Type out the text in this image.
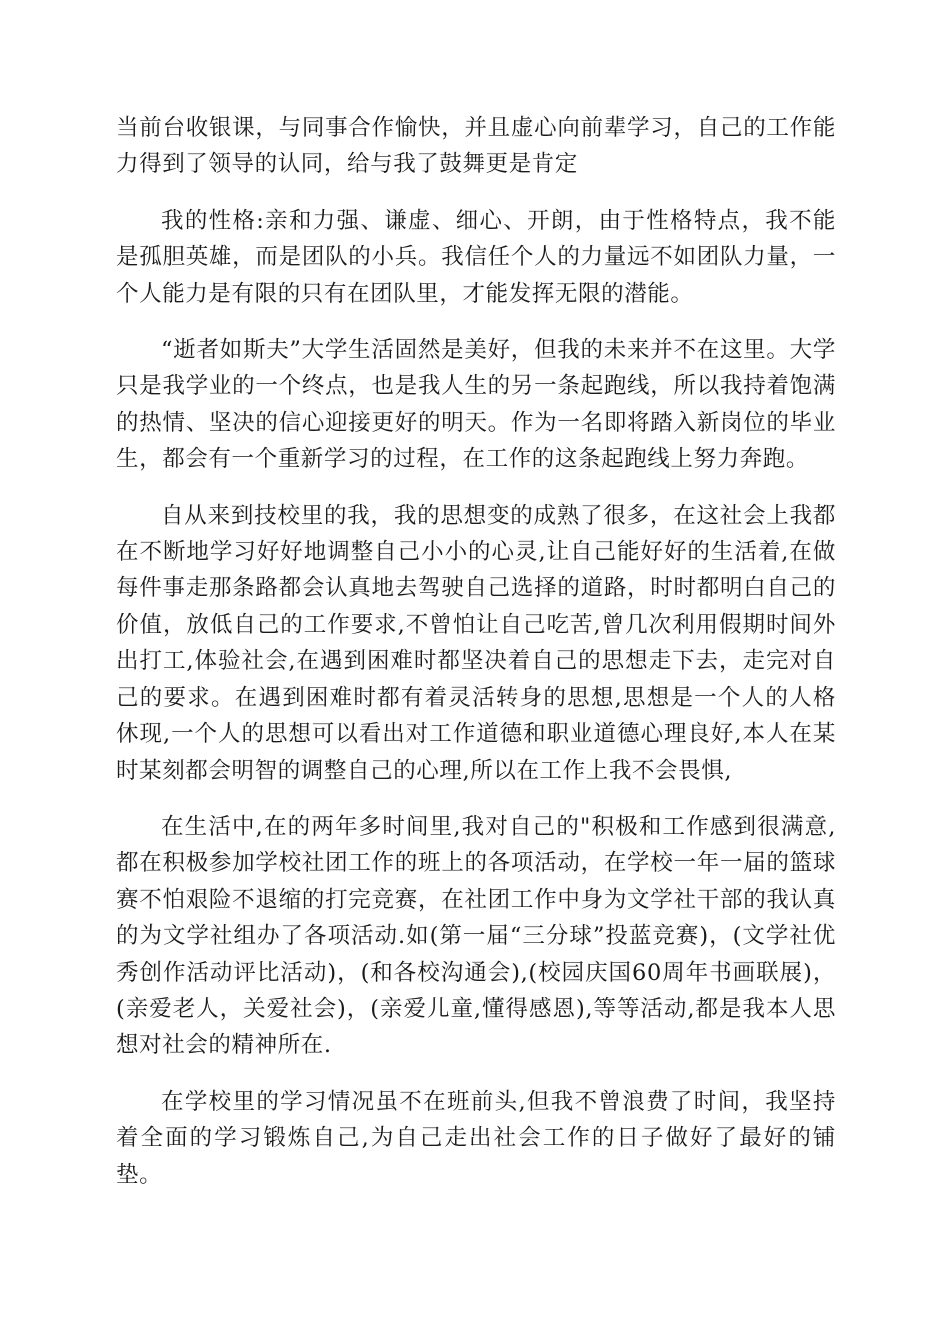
当前台收银课，与同事合作愉快，并且虚心向前辈学习，自己的工作能力得到了领导的认同，给与我了鼓舞更是肯定

我的性格:亲和力强、谦虚、细心、开朗，由于性格特点，我不能是孤胆英雄，而是团队的小兵。我信任个人的力量远不如团队力量，一个人能力是有限的只有在团队里，才能发挥无限的潜能。

“逝者如斯夫”大学生活固然是美好，但我的未来并不在这里。大学只是我学业的一个终点，也是我人生的另一条起跑线，所以我持着饱满的热情、坚决的信心迎接更好的明天。作为一名即将踏入新岗位的毕业生，都会有一个重新学习的过程，在工作的这条起跑线上努力奔跑。

自从来到技校里的我，我的思想变的成熟了很多，在这社会上我都在不断地学习好好地调整自己小小的心灵,让自己能好好的生活着,在做每件事走那条路都会认真地去驾驶自己选择的道路，时时都明白自己的价值，放低自己的工作要求,不曾怕让自己吃苦,曾几次利用假期时间外出打工,体验社会,在遇到困难时都坚决着自己的思想走下去，走完对自己的要求。在遇到困难时都有着灵活转身的思想,思想是一个人的人格休现,一个人的思想可以看出对工作道德和职业道德心理良好,本人在某时某刻都会明智的调整自己的心理,所以在工作上我不会畏惧,

在生活中,在的两年多时间里,我对自己的"积极和工作感到很满意,都在积极参加学校社团工作的班上的各项活动，在学校一年一届的篮球赛不怕艰险不退缩的打完竞赛，在社团工作中身为文学社干部的我认真的为文学社组办了各项活动.如(第一届“三分球”投蓝竞赛)，(文学社优秀创作活动评比活动)，(和各校沟通会),(校园庆国60周年书画联展)，(亲爱老人，关爱社会)，(亲爱儿童,懂得感恩),等等活动,都是我本人思想对社会的精神所在.

在学校里的学习情况虽不在班前头,但我不曾浪费了时间，我坚持着全面的学习锻炼自己,为自己走出社会工作的日子做好了最好的铺垫。
